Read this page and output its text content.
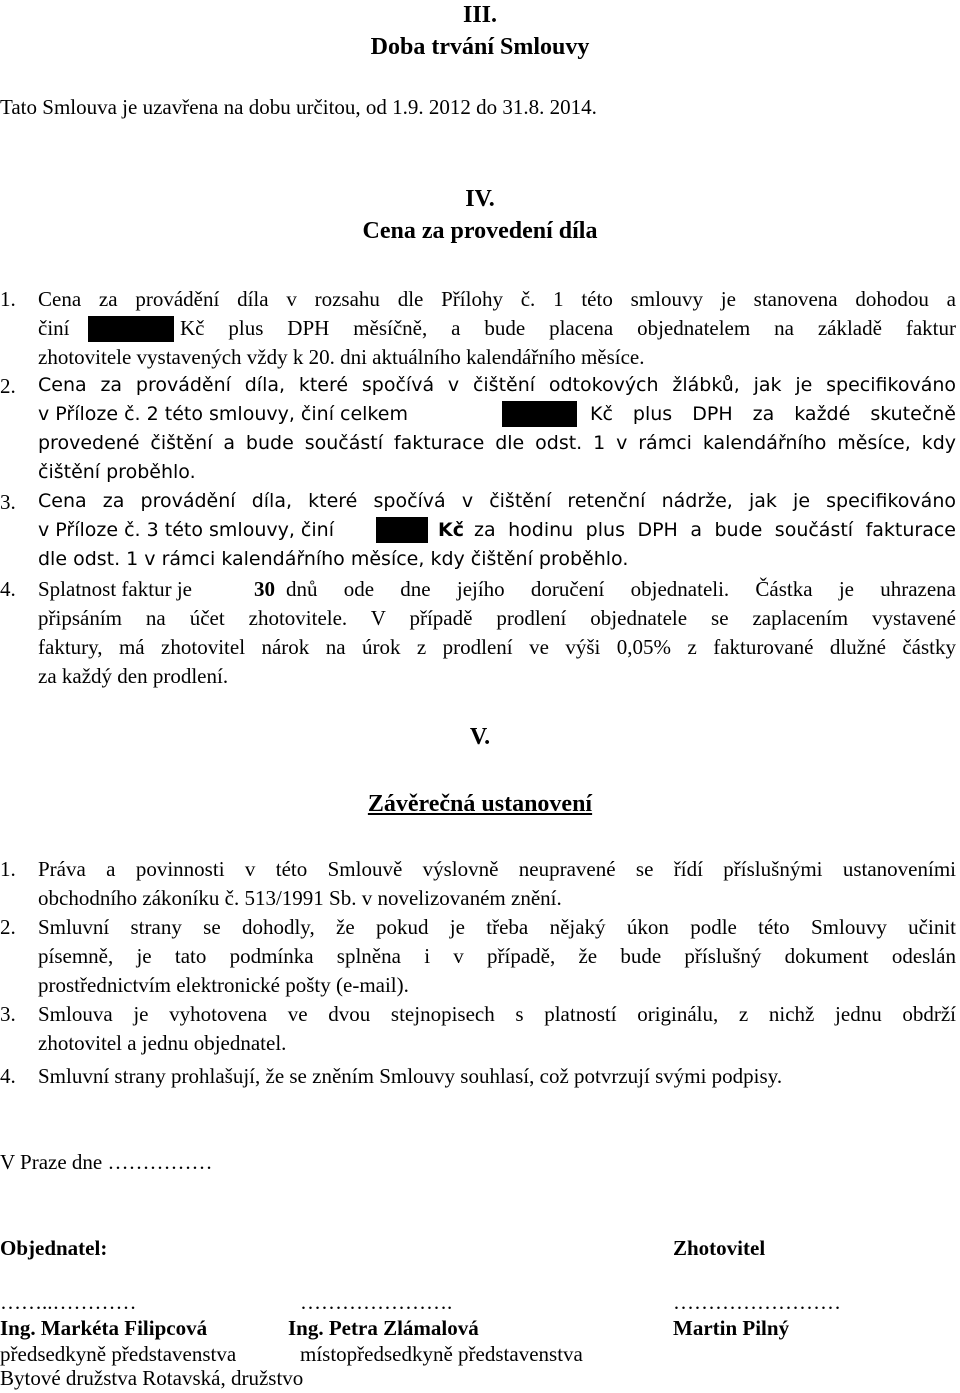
III.
Doba trvání Smlouvy
Tato Smlouva je uzavřena na dobu určitou, od 1.9. 2012 do 31.8. 2014.
IV.
Cena za provedení díla
1. Cena za provádění díla v rozsahu dle Přílohy č. 1 této smlouvy je stanovena dohodou a
činí	Kč plus DPH měsíčně, a bude placena objednatelem na základě faktur
zhotovitele vystavených vždy k 20. dni aktuálního kalendářního měsíce.
2. Cena za provádění díla, které spočívá v čištění odtokových žlábků, jak je specifikováno
v Příloze č. 2 této smlouvy, činí celkem	Kč plus DPH za každé skutečně
provedené čištění a bude součástí fakturace dle odst. 1 v rámci kalendářního měsíce, kdy
čištění proběhlo.
3. Cena za provádění díla, které spočívá v čištění retenční nádrže, jak je specifikováno
v Příloze č. 3 této smlouvy, činí	Kč za hodinu plus DPH a bude součástí fakturace
dle odst. 1 v rámci kalendářního měsíce, kdy čištění proběhlo.
4. Splatnost faktur je	30 dnů ode dne jejího doručení objednateli. Částka je uhrazena
připsáním na účet zhotovitele. V případě prodlení objednatele se zaplacením vystavené
faktury, má zhotovitel nárok na úrok z prodlení ve výši 0,05% z fakturované dlužné částky
za každý den prodlení.
V.
Závěrečná ustanovení
1. Práva a povinnosti v této Smlouvě výslovně neupravené se řídí příslušnými ustanoveními
obchodního zákoníku č. 513/1991 Sb. v novelizovaném znění.
2. Smluvní strany se dohodly, že pokud je třeba nějaký úkon podle této Smlouvy učinit
písemně, je tato podmínka splněna i v případě, že bude příslušný dokument odeslán
prostřednictvím elektronické pošty (e-mail).
3. Smlouva je vyhotovena ve dvou stejnopisech s platností originálu, z nichž jednu obdrží
zhotovitel a jednu objednatel.
4. Smluvní strany prohlašují, že se zněním Smlouvy souhlasí, což potvrzují svými podpisy.
V Praze dne ……………
Objednatel:	Zhotovitel
……..…………	………………….	……………………
Ing. Markéta Filipcová	Ing. Petra Zlámalová	Martin Pilný
předsedkyně představenstva	místopředsedkyně představenstva
Bytové družstva Rotavská, družstvo
